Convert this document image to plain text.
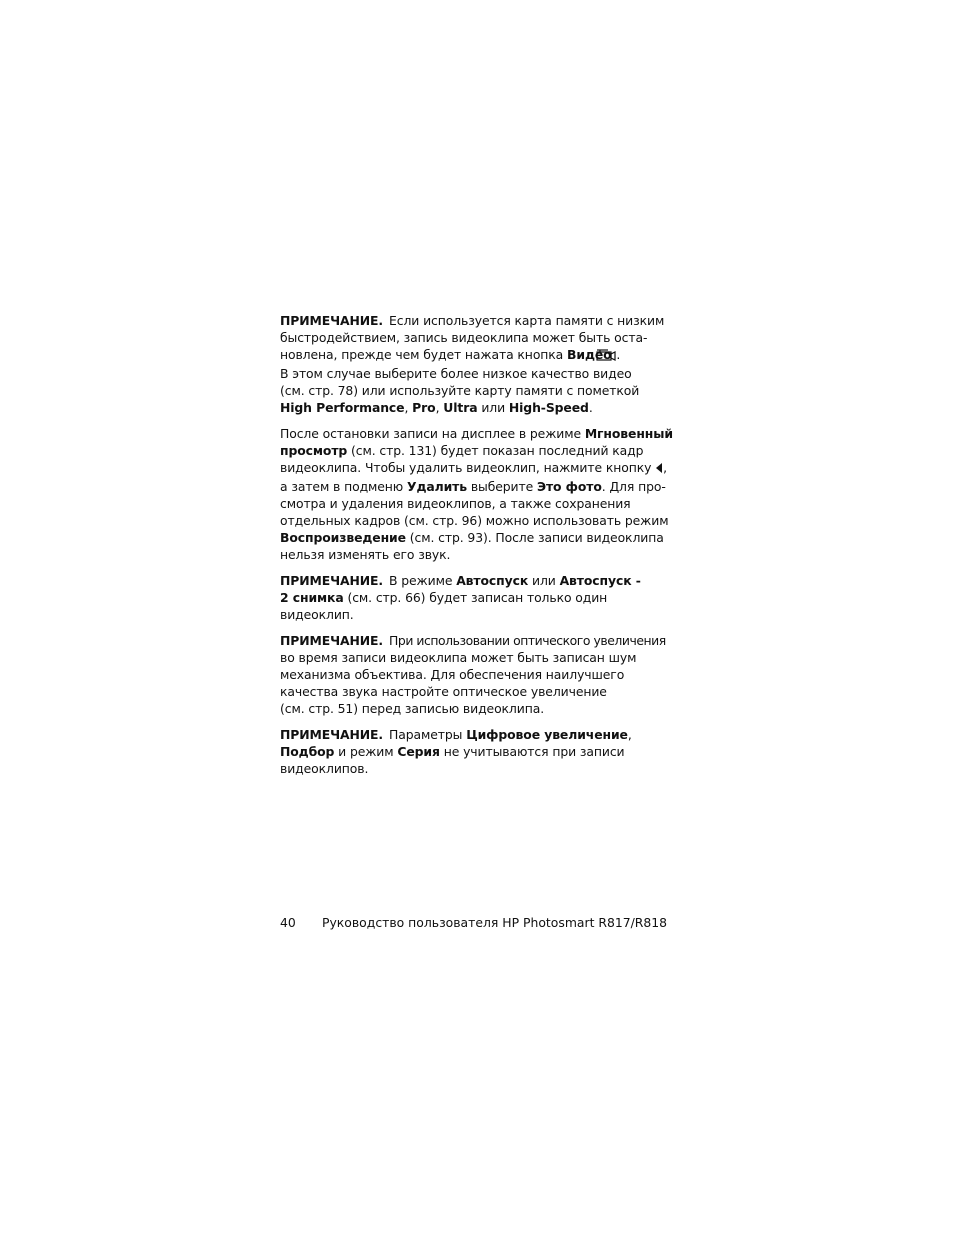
ПРИМЕЧАНИЕ. Если используется карта памяти с низким
быстродействием, запись видеоклипа может быть оста-
новлена, прежде чем будет нажата кнопка Видео .
В этом случае выберите более низкое качество видео
(см. стр. 78) или используйте карту памяти с пометкой
High Performance, Pro, Ultra или High-Speed.
После остановки записи на дисплее в режиме Мгновенный
просмотр (см. стр. 131) будет показан последний кадр
видеоклипа. Чтобы удалить видеоклип, нажмите кнопку ,
а затем в подменю Удалить выберите Это фото. Для про-
смотра и удаления видеоклипов, а также сохранения
отдельных кадров (см. стр. 96) можно использовать режим
Воспроизведение (см. стр. 93). После записи видеоклипа
нельзя изменять его звук.
ПРИМЕЧАНИЕ. В режиме Автоспуск или Автоспуск -
2 снимка (см. стр. 66) будет записан только один
видеоклип.
ПРИМЕЧАНИЕ. При использовании оптического увеличения
во время записи видеоклипа может быть записан шум
механизма объектива. Для обеспечения наилучшего
качества звука настройте оптическое увеличение
(см. стр. 51) перед записью видеоклипа.
ПРИМЕЧАНИЕ. Параметры Цифровое увеличение,
Подбор и режим Серия не учитываются при записи
видеоклипов.
40 Руководство пользователя HP Photosmart R817/R818
